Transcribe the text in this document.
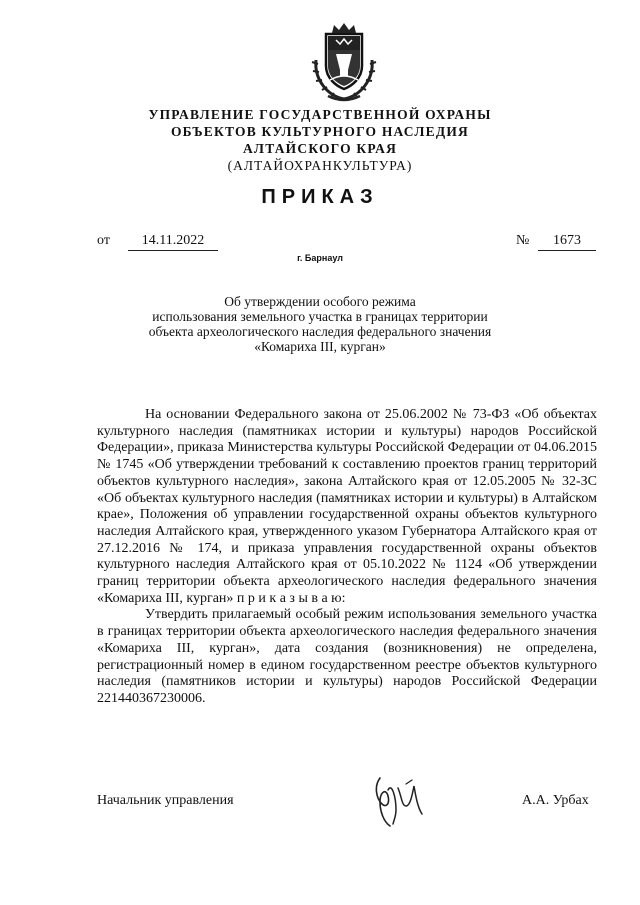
УПРАВЛЕНИЕ ГОСУДАРСТВЕННОЙ ОХРАНЫ
ОБЪЕКТОВ КУЛЬТУРНОГО НАСЛЕДИЯ
АЛТАЙСКОГО КРАЯ
(АЛТАЙОХРАНКУЛЬТУРА)
ПРИКАЗ
от	14.11.2022	№	1673
г. Барнаул
Об утверждении особого режима
использования земельного участка в границах территории
объекта археологического наследия федерального значения
«Комариха III, курган»

На основании Федерального закона от 25.06.2002 № 73-ФЗ «Об объектах культурного наследия (памятниках истории и культуры) народов Российской Федерации», приказа Министерства культуры Российской Федерации от 04.06.2015 № 1745 «Об утверждении требований к составлению проектов границ территорий объектов культурного наследия», закона Алтайского края от 12.05.2005 № 32-ЗС «Об объектах культурного наследия (памятниках истории и культуры) в Алтайском крае», Положения об управлении государственной охраны объектов культурного наследия Алтайского края, утвержденного указом Губернатора Алтайского края от 27.12.2016 № 174, и приказа управления государственной охраны объектов культурного наследия Алтайского края от 05.10.2022 № 1124 «Об утверждении границ территории объекта археологического наследия федерального значения «Комариха III, курган» п р и к а з ы в а ю:

Утвердить прилагаемый особый режим использования земельного участка в границах территории объекта археологического наследия федерального значения «Комариха III, курган», дата создания (возникновения) не определена, регистрационный номер в едином государственном реестре объектов культурного наследия (памятников истории и культуры) народов Российской Федерации 221440367230006.

Начальник управления	А.А. Урбах
